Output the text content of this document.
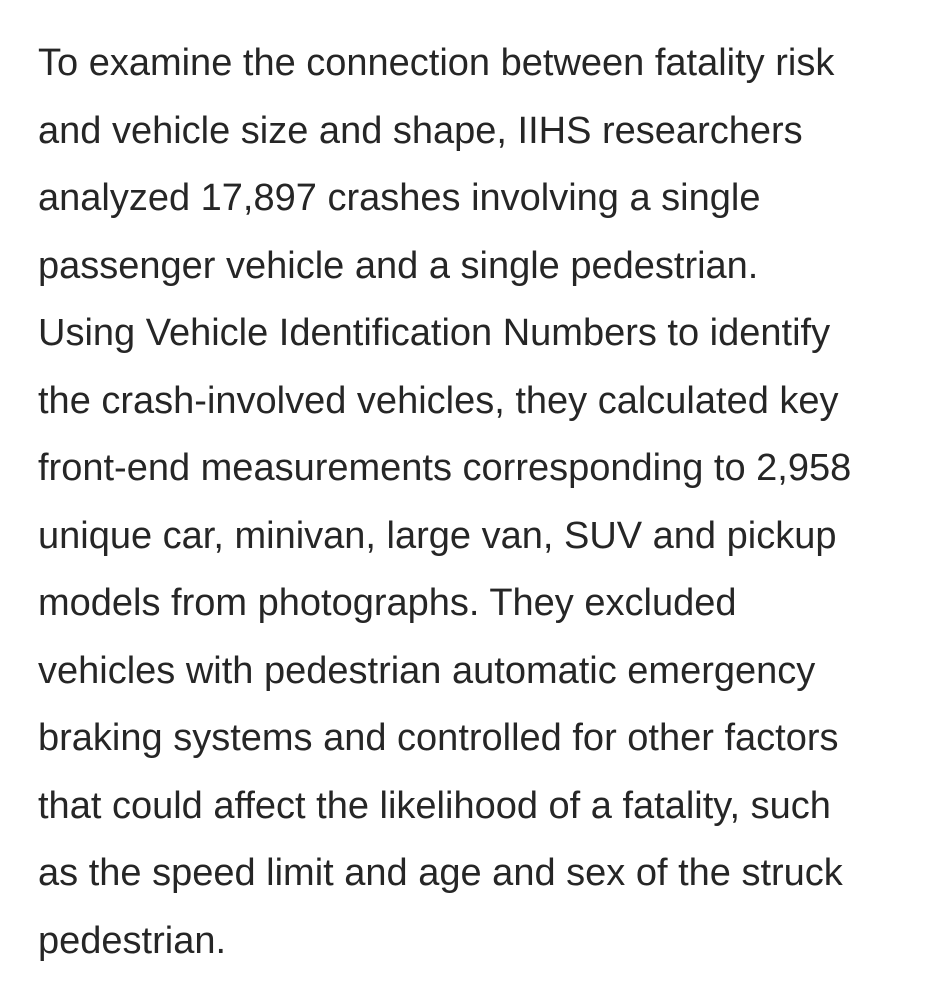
To examine the connection between fatality risk
and vehicle size and shape, IIHS researchers
analyzed 17,897 crashes involving a single
passenger vehicle and a single pedestrian.
Using Vehicle Identification Numbers to identify
the crash-involved vehicles, they calculated key
front-end measurements corresponding to 2,958
unique car, minivan, large van, SUV and pickup
models from photographs. They excluded
vehicles with pedestrian automatic emergency
braking systems and controlled for other factors
that could affect the likelihood of a fatality, such
as the speed limit and age and sex of the struck
pedestrian.
